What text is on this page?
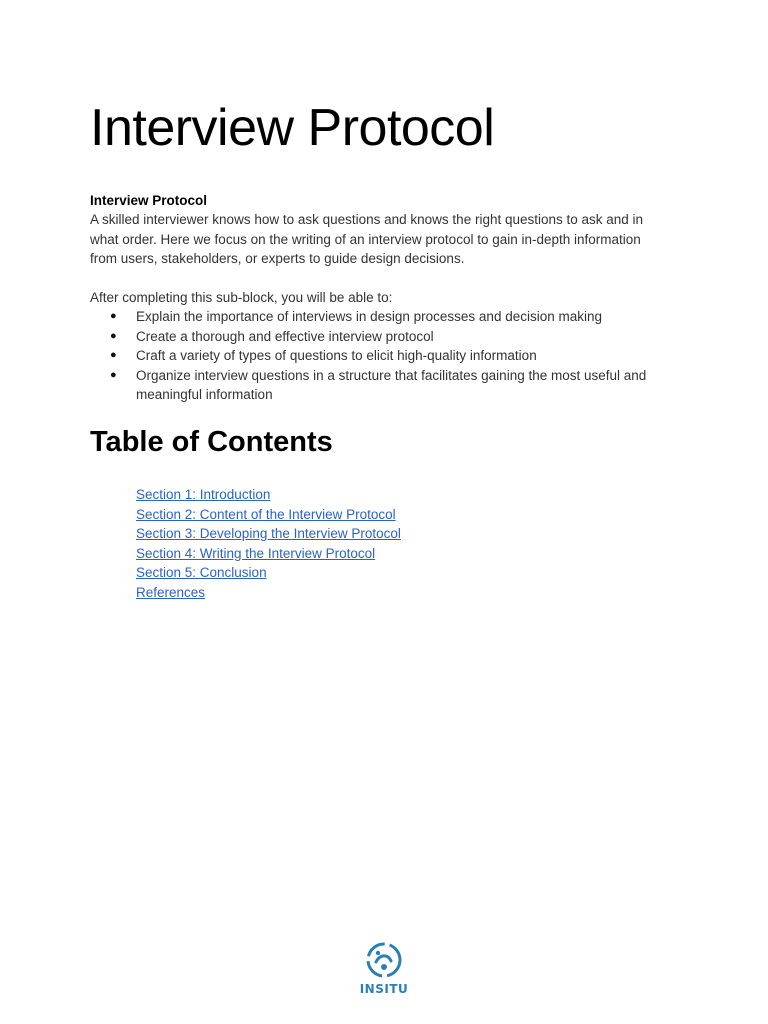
Interview Protocol

Interview Protocol

A skilled interviewer knows how to ask questions and knows the right questions to ask and in what order. Here we focus on the writing of an interview protocol to gain in-depth information from users, stakeholders, or experts to guide design decisions.

After completing this sub-block, you will be able to:

● Explain the importance of interviews in design processes and decision making
● Create a thorough and effective interview protocol
● Craft a variety of types of questions to elicit high-quality information
● Organize interview questions in a structure that facilitates gaining the most useful and meaningful information
Table of Contents
Section 1: Introduction
Section 2: Content of the Interview Protocol
Section 3: Developing the Interview Protocol
Section 4: Writing the Interview Protocol
Section 5: Conclusion
References
INSITU
